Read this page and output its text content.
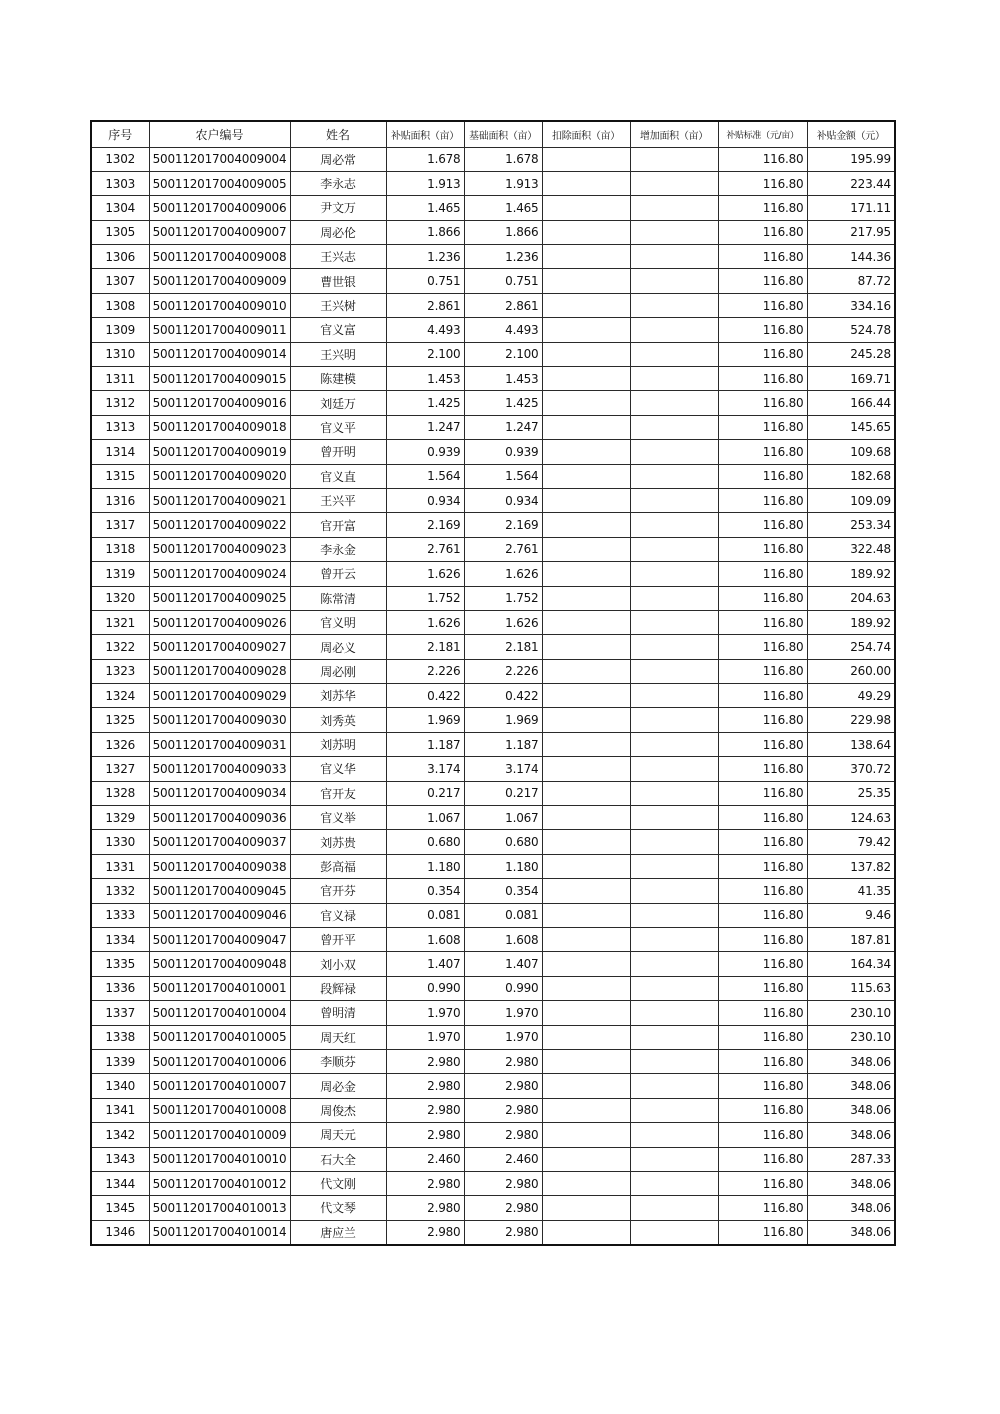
序号	农户编号	姓名	补贴面积（亩）	基础面积（亩）	扣除面积（亩）	增加面积（亩）	补贴标准（元/亩）	补贴金额（元）
1302	500112017004009004	周必常	1.678	1.678			116.80	195.99
1303	500112017004009005	李永志	1.913	1.913			116.80	223.44
1304	500112017004009006	尹文万	1.465	1.465			116.80	171.11
1305	500112017004009007	周必伦	1.866	1.866			116.80	217.95
1306	500112017004009008	王兴志	1.236	1.236			116.80	144.36
1307	500112017004009009	曹世银	0.751	0.751			116.80	87.72
1308	500112017004009010	王兴树	2.861	2.861			116.80	334.16
1309	500112017004009011	官义富	4.493	4.493			116.80	524.78
1310	500112017004009014	王兴明	2.100	2.100			116.80	245.28
1311	500112017004009015	陈建模	1.453	1.453			116.80	169.71
1312	500112017004009016	刘廷万	1.425	1.425			116.80	166.44
1313	500112017004009018	官义平	1.247	1.247			116.80	145.65
1314	500112017004009019	曾开明	0.939	0.939			116.80	109.68
1315	500112017004009020	官义直	1.564	1.564			116.80	182.68
1316	500112017004009021	王兴平	0.934	0.934			116.80	109.09
1317	500112017004009022	官开富	2.169	2.169			116.80	253.34
1318	500112017004009023	李永金	2.761	2.761			116.80	322.48
1319	500112017004009024	曾开云	1.626	1.626			116.80	189.92
1320	500112017004009025	陈常清	1.752	1.752			116.80	204.63
1321	500112017004009026	官义明	1.626	1.626			116.80	189.92
1322	500112017004009027	周必义	2.181	2.181			116.80	254.74
1323	500112017004009028	周必刚	2.226	2.226			116.80	260.00
1324	500112017004009029	刘苏华	0.422	0.422			116.80	49.29
1325	500112017004009030	刘秀英	1.969	1.969			116.80	229.98
1326	500112017004009031	刘苏明	1.187	1.187			116.80	138.64
1327	500112017004009033	官义华	3.174	3.174			116.80	370.72
1328	500112017004009034	官开友	0.217	0.217			116.80	25.35
1329	500112017004009036	官义举	1.067	1.067			116.80	124.63
1330	500112017004009037	刘苏贵	0.680	0.680			116.80	79.42
1331	500112017004009038	彭高福	1.180	1.180			116.80	137.82
1332	500112017004009045	官开芬	0.354	0.354			116.80	41.35
1333	500112017004009046	官义禄	0.081	0.081			116.80	9.46
1334	500112017004009047	曾开平	1.608	1.608			116.80	187.81
1335	500112017004009048	刘小双	1.407	1.407			116.80	164.34
1336	500112017004010001	段辉禄	0.990	0.990			116.80	115.63
1337	500112017004010004	曾明清	1.970	1.970			116.80	230.10
1338	500112017004010005	周天红	1.970	1.970			116.80	230.10
1339	500112017004010006	李顺芬	2.980	2.980			116.80	348.06
1340	500112017004010007	周必金	2.980	2.980			116.80	348.06
1341	500112017004010008	周俊杰	2.980	2.980			116.80	348.06
1342	500112017004010009	周天元	2.980	2.980			116.80	348.06
1343	500112017004010010	石大全	2.460	2.460			116.80	287.33
1344	500112017004010012	代文刚	2.980	2.980			116.80	348.06
1345	500112017004010013	代文琴	2.980	2.980			116.80	348.06
1346	500112017004010014	唐应兰	2.980	2.980			116.80	348.06
